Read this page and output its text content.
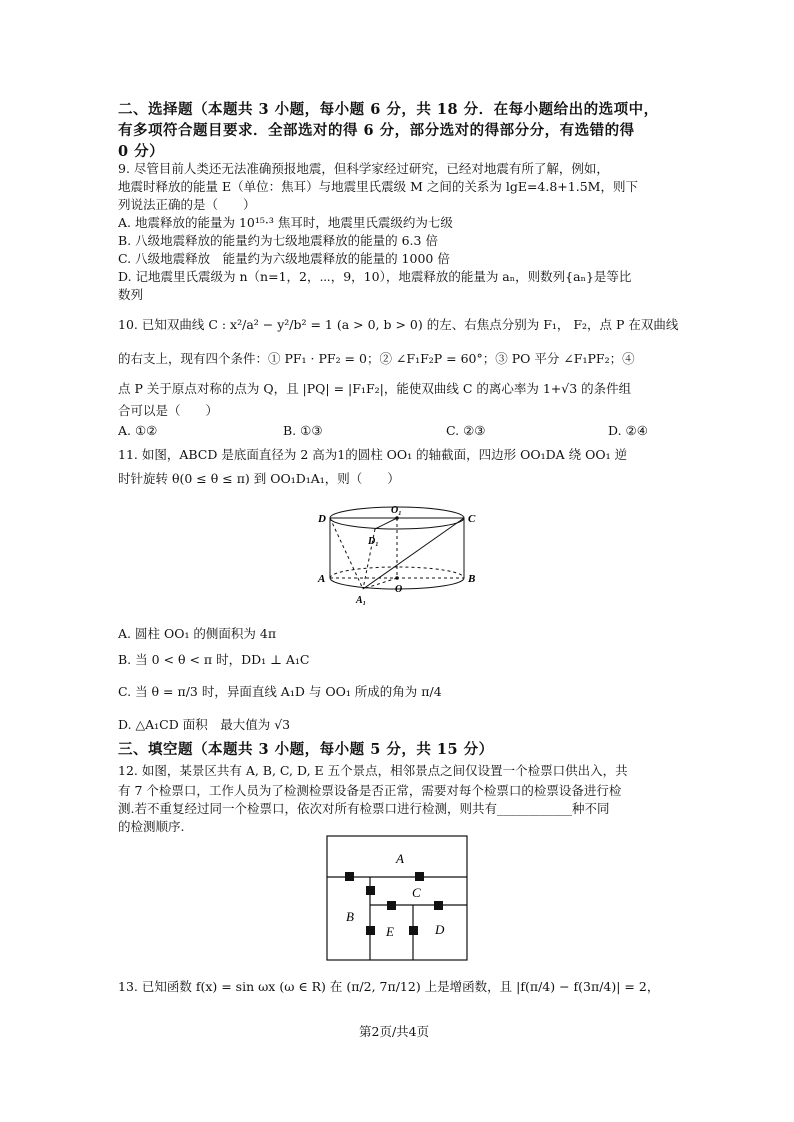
二、选择题（本题共 3 小题，每小题 6 分，共 18 分．在每小题给出的选项中，
有多项符合题目要求．全部选对的得 6 分，部分选对的得部分分，有选错的得
0 分）
9. 尽管目前人类还无法准确预报地震，但科学家经过研究，已经对地震有所了解，例如，
地震时释放的能量 E（单位：焦耳）与地震里氏震级 M 之间的关系为 lgE=4.8+1.5M，则下
列说法正确的是（　　）
A. 地震释放的能量为 10¹⁵·³ 焦耳时，地震里氏震级约为七级
B. 八级地震释放的能量约为七级地震释放的能量的 6.3 倍
C. 八级地震释放　能量约为六级地震释放的能量的 1000 倍
D. 记地震里氏震级为 n（n=1，2，⋯，9，10），地震释放的能量为 aₙ，则数列{aₙ}是等比
数列
10. 已知双曲线 C : x²/a² − y²/b² = 1 (a > 0, b > 0) 的左、右焦点分别为 F₁， F₂，点 P 在双曲线
的右支上，现有四个条件：① PF₁ · PF₂ = 0；② ∠F₁F₂P = 60°；③ PO 平分 ∠F₁PF₂；④
点 P 关于原点对称的点为 Q，且 |PQ| = |F₁F₂|，能使双曲线 C 的离心率为 1+√3 的条件组
合可以是（　　）
A. ①②	B. ①③	C. ②③	D. ②④
11. 如图，ABCD 是底面直径为 2 高为1的圆柱 OO₁ 的轴截面，四边形 OO₁DA 绕 OO₁ 逆
时针旋转 θ(0 ≤ θ ≤ π) 到 OO₁D₁A₁，则（　　）
D
O₁
C
D₁
A
O
B
A₁
A. 圆柱 OO₁ 的侧面积为 4π
B. 当 0 < θ < π 时，DD₁ ⊥ A₁C
C. 当 θ = π/3 时，异面直线 A₁D 与 OO₁ 所成的角为 π/4
D. △A₁CD 面积　最大值为 √3
三、填空题（本题共 3 小题，每小题 5 分，共 15 分）
12. 如图，某景区共有 A, B, C, D, E 五个景点，相邻景点之间仅设置一个检票口供出入，共
有 7 个检票口，工作人员为了检测检票设备是否正常，需要对每个检票口的检票设备进行检
测.若不重复经过同一个检票口，依次对所有检票口进行检测，则共有____________种不同
的检测顺序.
A
B
C
E	D
13. 已知函数 f(x) = sin ωx (ω ∈ R) 在 (π/2, 7π/12) 上是增函数，且 |f(π/4) − f(3π/4)| = 2，
第2页/共4页
